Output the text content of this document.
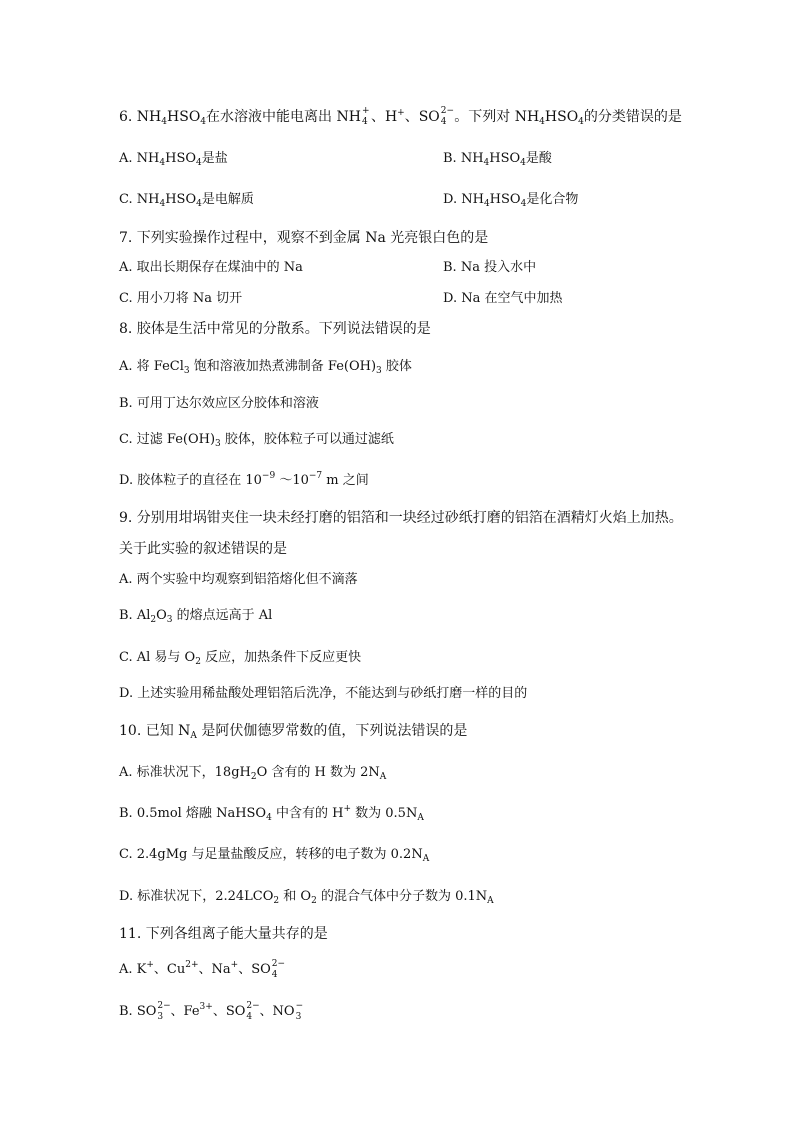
6. $NH_4HSO_4$在水溶液中能电离出 NH +
4 、H+、SO 2−
4 。下列对 $NH_4HSO_4$的分类错误的是
A. $NH_4HSO_4$是盐	B. $NH_4HSO_4$是酸
C. $NH_4HSO_4$是电解质	D. $NH_4HSO_4$是化合物
7. 下列实验操作过程中，观察不到金属 Na 光亮银白色的是
A. 取出长期保存在煤油中的 Na	B. Na 投入水中
C. 用小刀将 Na 切开	D. Na 在空气中加热
8. 胶体是生活中常见的分散系。下列说法错误的是
A. 将 FeCl$_3$ 饱和溶液加热煮沸制备 $Fe(OH)_3$ 胶体
B. 可用丁达尔效应区分胶体和溶液
C. 过滤 $Fe(OH)_3$ 胶体，胶体粒子可以通过滤纸
D. 胶体粒子的直径在 $10^{-9}$ $\sim 10^{-7}$ m 之间
9. 分别用坩埚钳夹住一块未经打磨的铝箔和一块经过砂纸打磨的铝箔在酒精灯火焰上加热。
关于此实验的叙述错误的是
A. 两个实验中均观察到铝箔熔化但不滴落
B. $Al_2O_3$ 的熔点远高于 Al
C. Al 易与 $O_2$ 反应，加热条件下反应更快
D. 上述实验用稀盐酸处理铝箔后洗净，不能达到与砂纸打磨一样的目的
10. 已知 $N_A$ 是阿伏伽德罗常数的值，下列说法错误的是
A. 标准状况下，$18gH_2O$ 含有的 H 数为 $2N_A$
B. 0.5mol 熔融 NaHSO$_4$ 中含有的 H+ 数为 $0.5N_A$
C. 2.4gMg 与足量盐酸反应，转移的电子数为 $0.2N_A$
D. 标准状况下，$2.24LCO_2$ 和 $O_2$ 的混合气体中分子数为 $0.1N_A$
11. 下列各组离子能大量共存的是
A. K+、$Cu^{2+}$、Na+、SO 2−
4
B. SO 2−
3 、$Fe^{3+}$、SO 2−
4 、NO −
3
